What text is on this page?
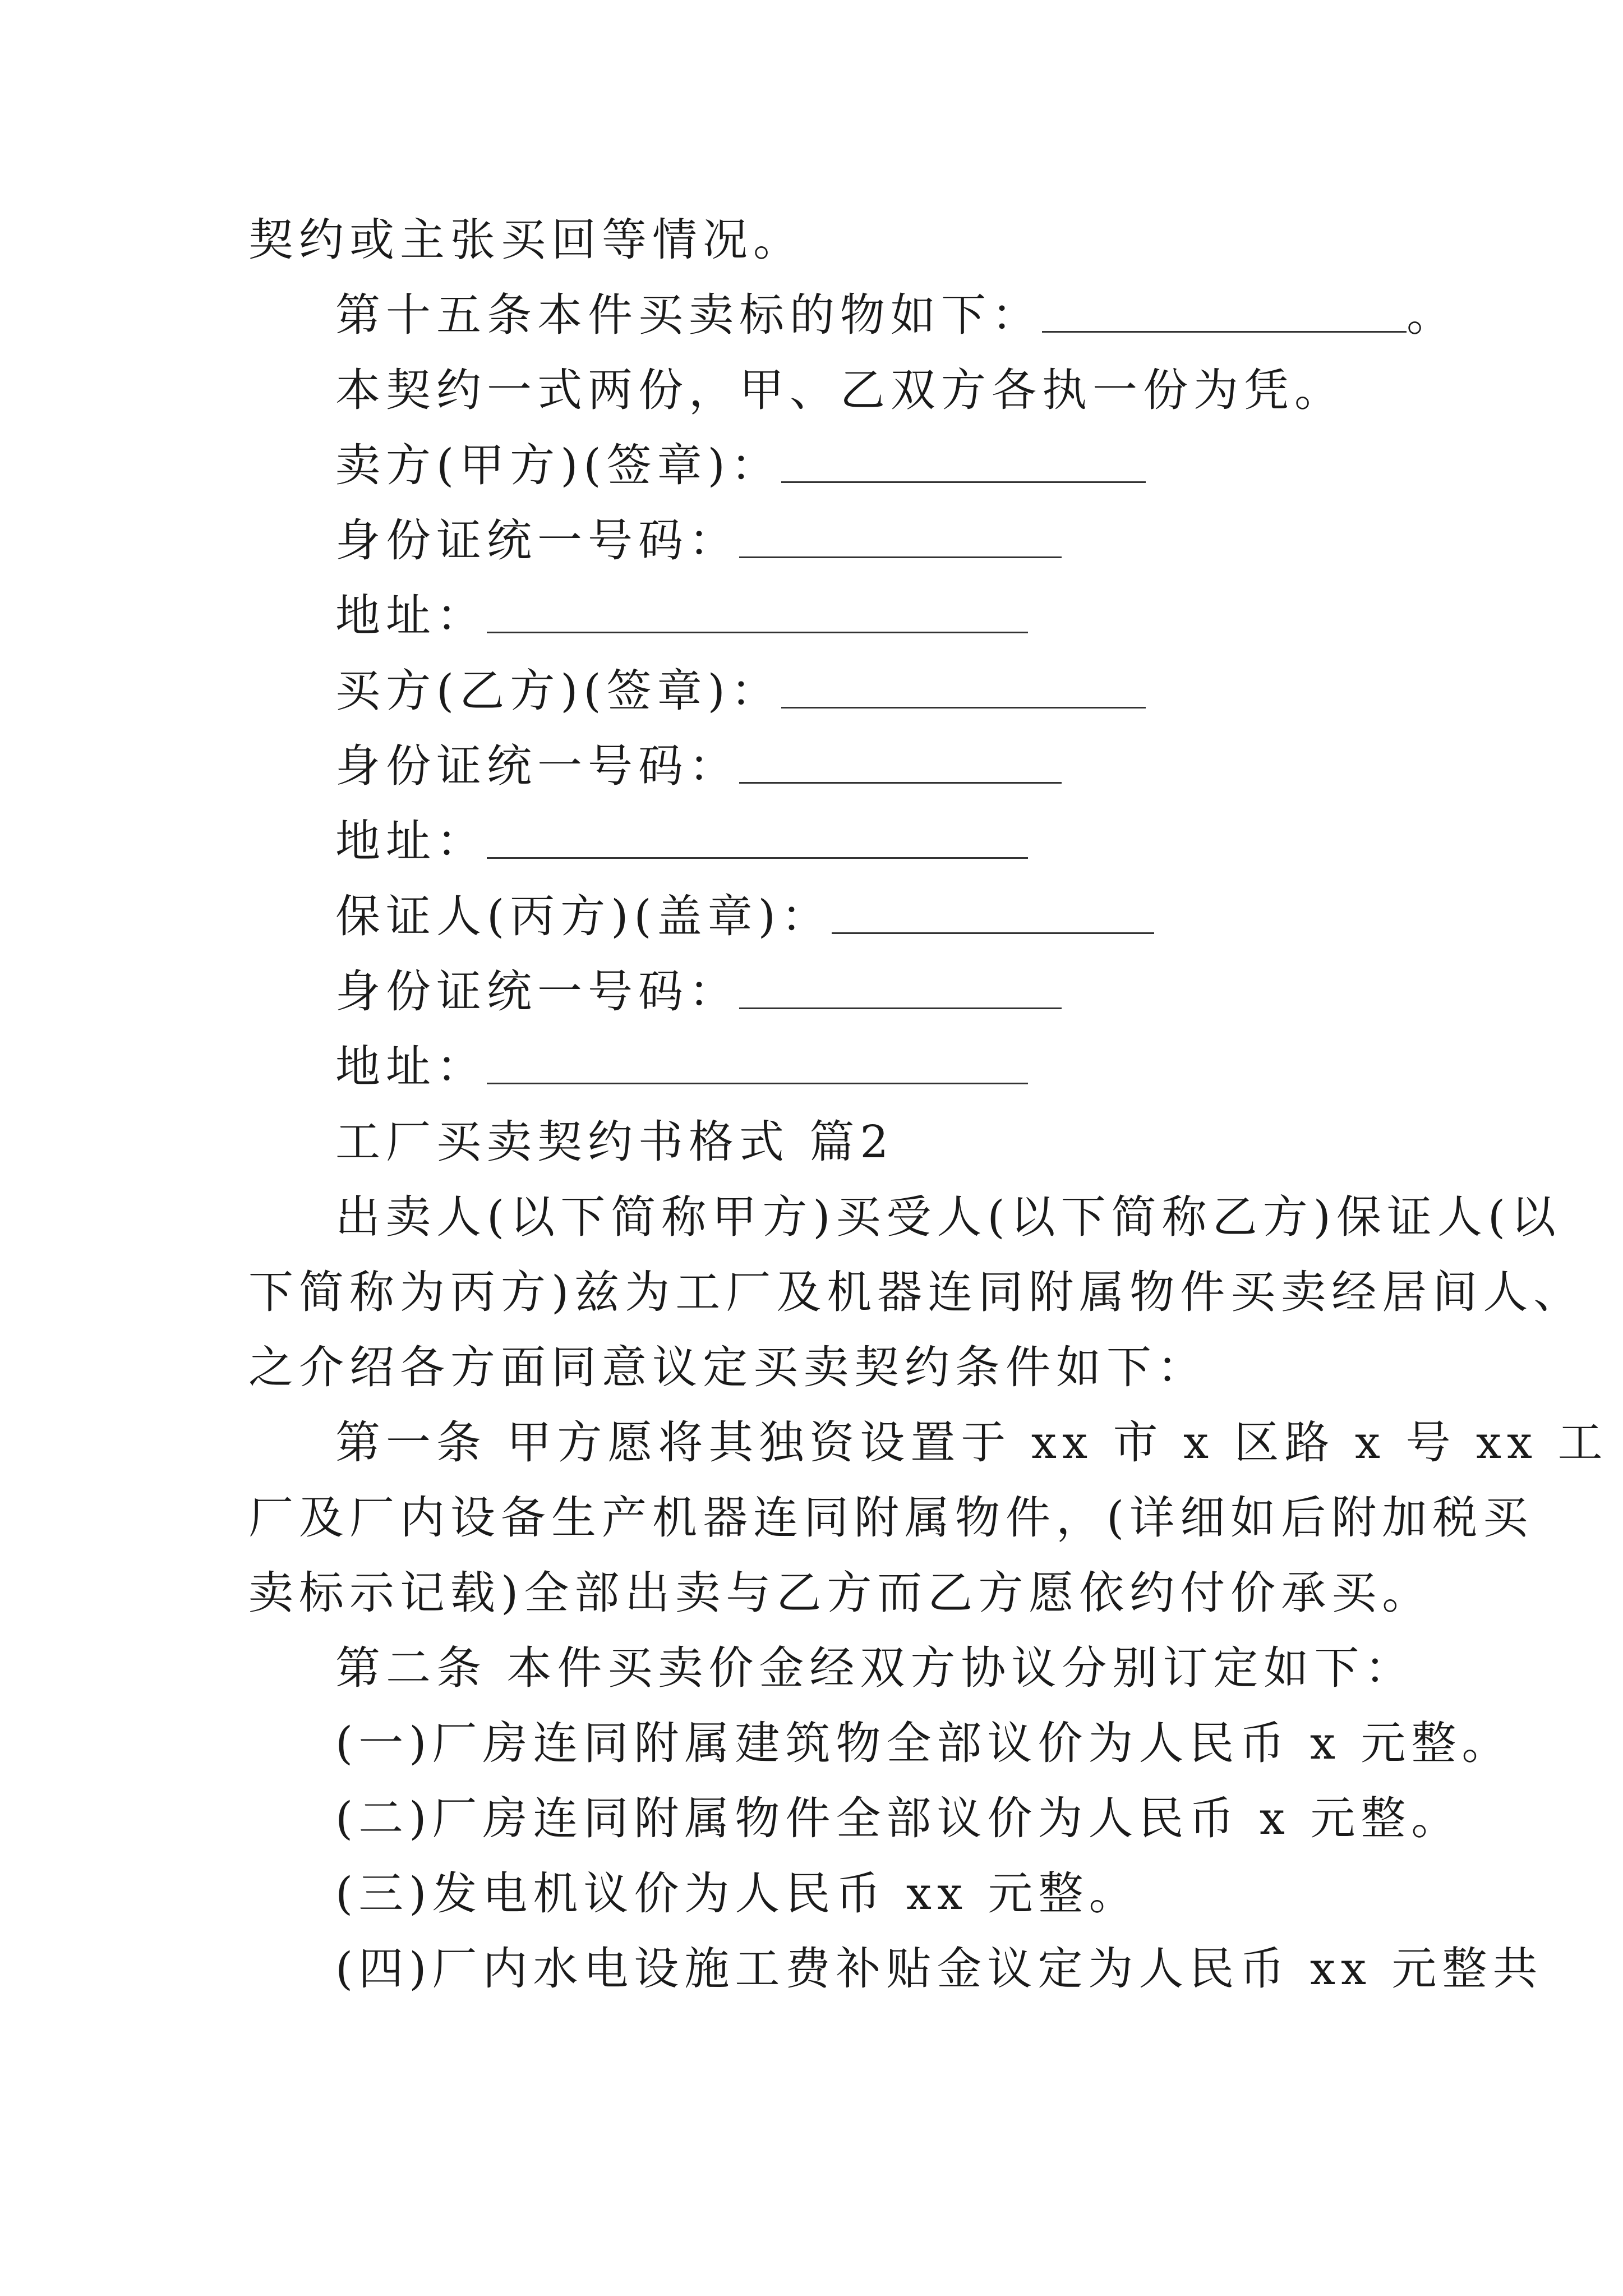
契约或主张买回等情况。
第十五条本件买卖标的物如下：	。
本契约一式两份，甲、乙双方各执一份为凭。
卖方(甲方)(签章)：
身份证统一号码：
地址：
买方(乙方)(签章)：
身份证统一号码：
地址：
保证人(丙方)(盖章)：
身份证统一号码：
地址：
工厂买卖契约书格式 篇2
出卖人(以下简称甲方)买受人(以下简称乙方)保证人(以
下简称为丙方)兹为工厂及机器连同附属物件买卖经居间人、
之介绍各方面同意议定买卖契约条件如下：
第一条 甲方愿将其独资设置于 xx 市 x 区路 x 号 xx 工
厂及厂内设备生产机器连同附属物件，(详细如后附加税买
卖标示记载)全部出卖与乙方而乙方愿依约付价承买。
第二条 本件买卖价金经双方协议分别订定如下：
(一)厂房连同附属建筑物全部议价为人民币 x 元整。
(二)厂房连同附属物件全部议价为人民币 x 元整。
(三)发电机议价为人民币 xx 元整。
(四)厂内水电设施工费补贴金议定为人民币 xx 元整共
